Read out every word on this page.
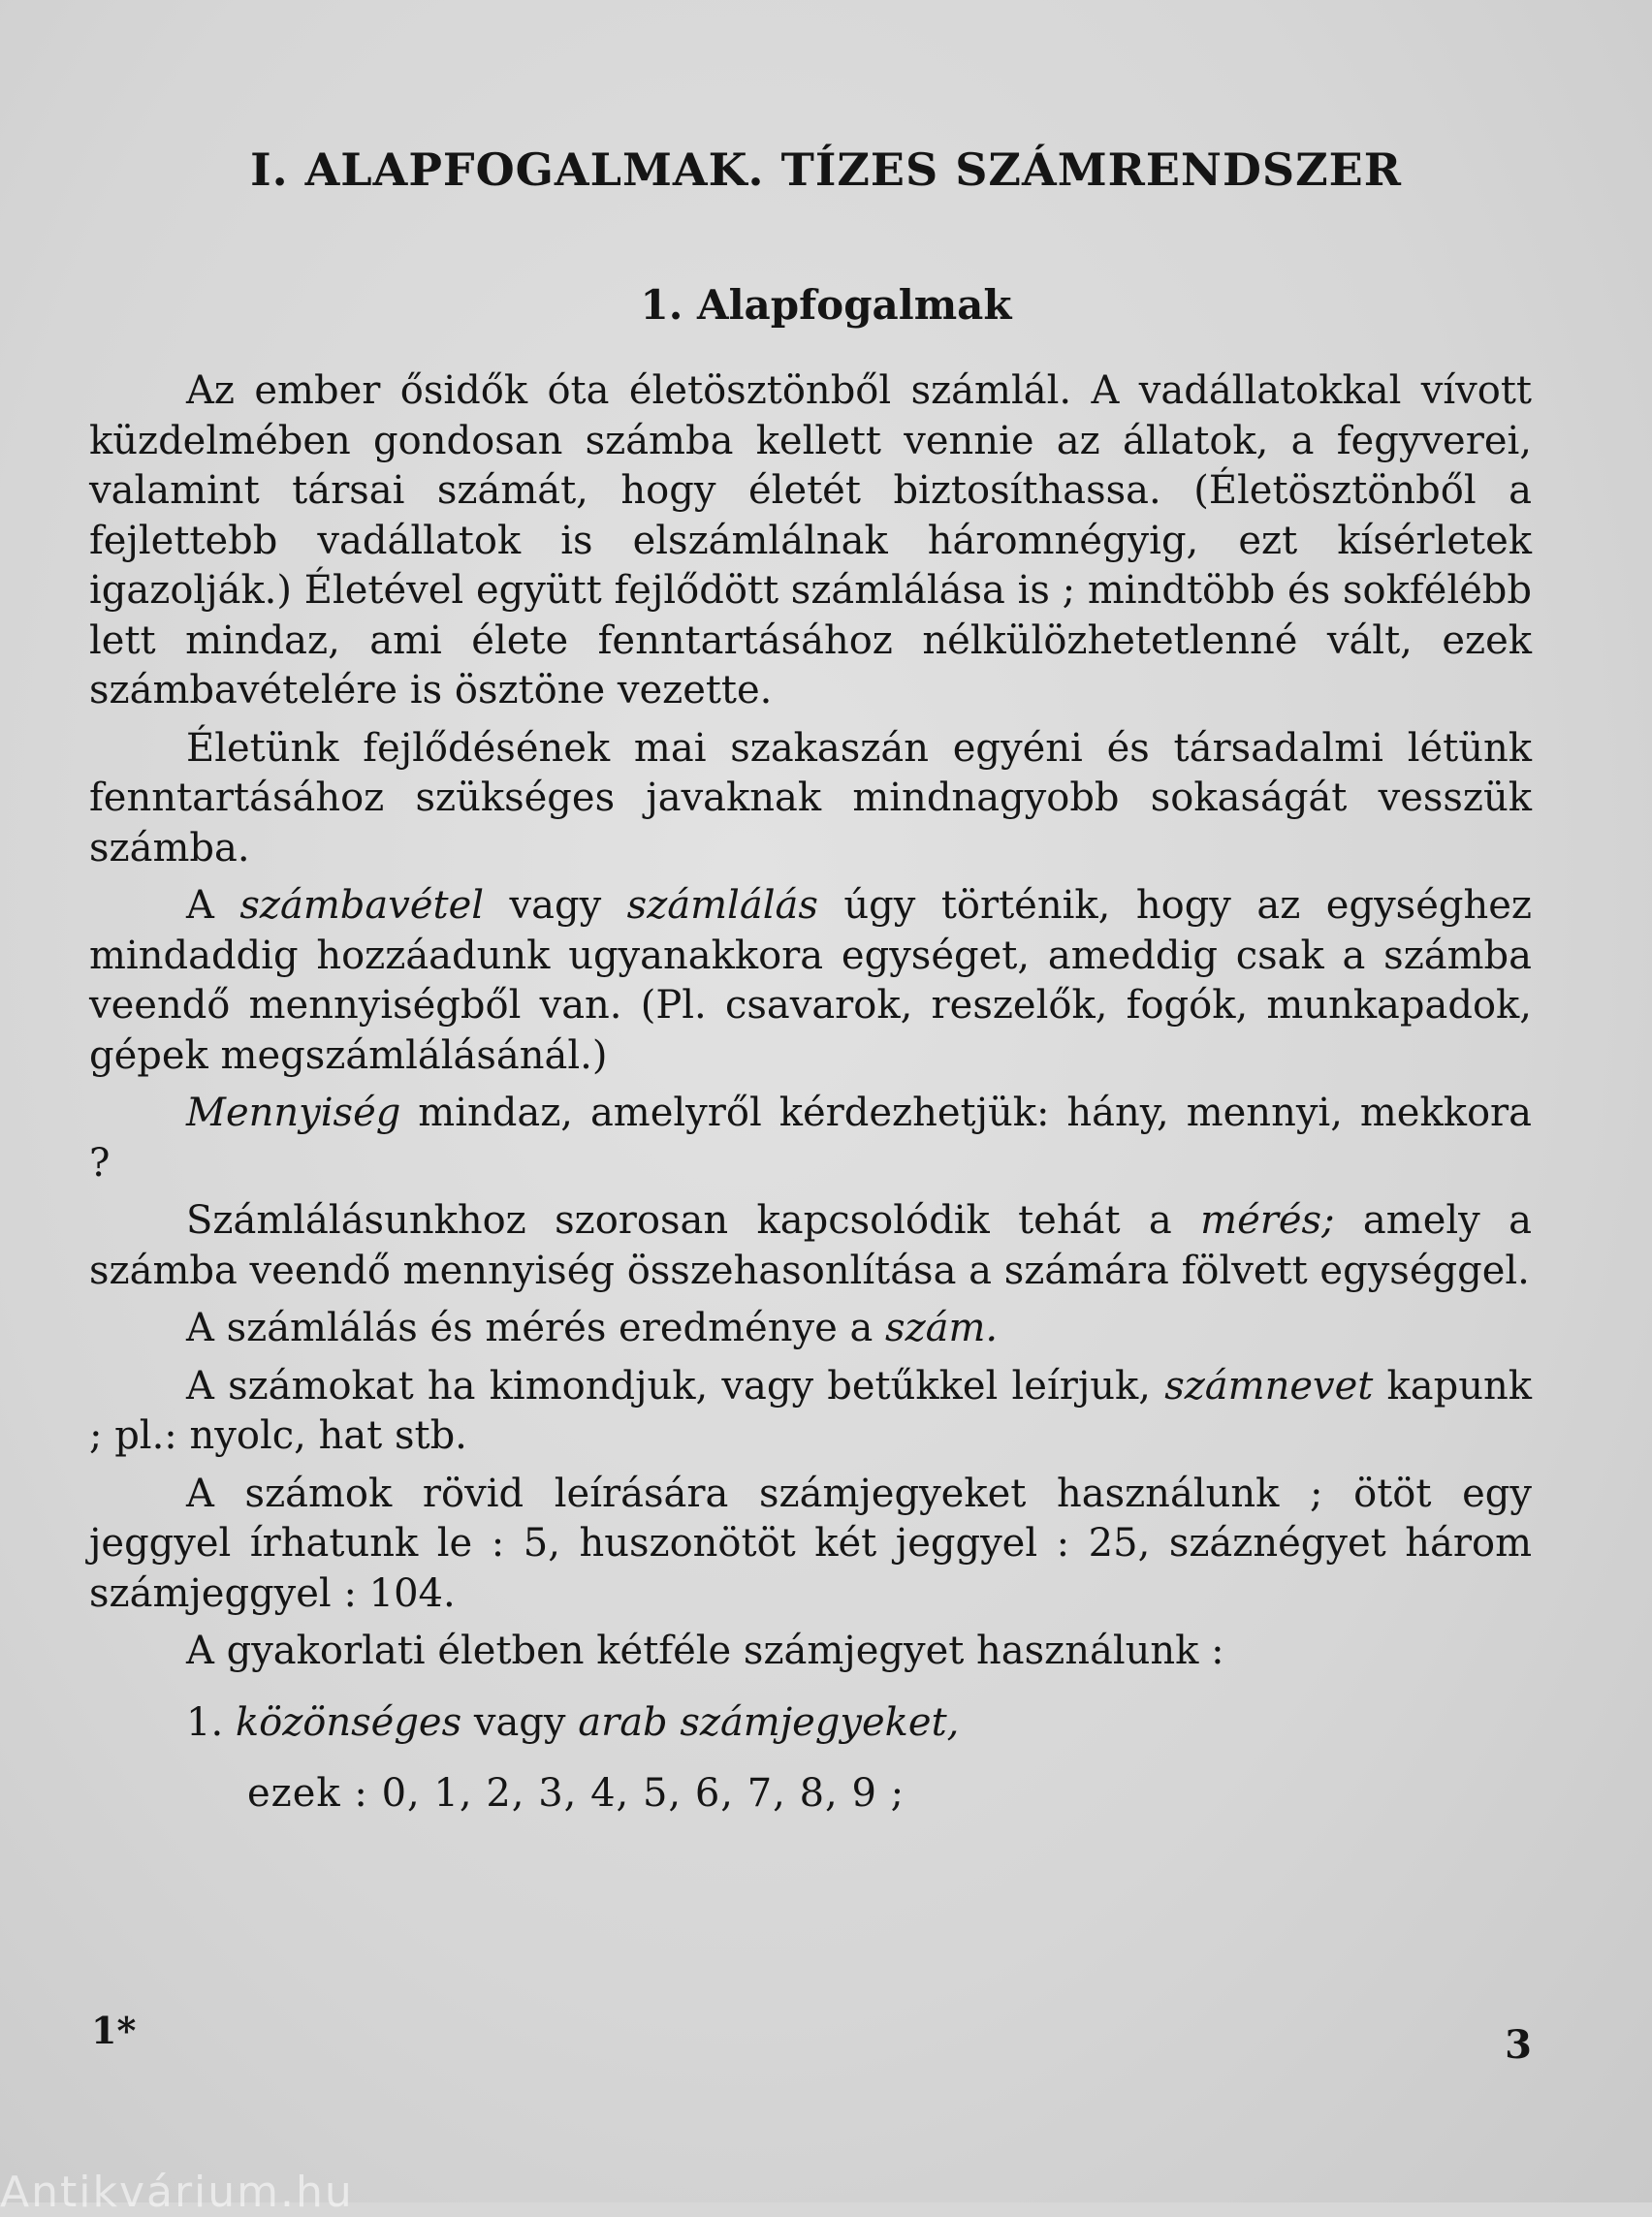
I. ALAPFOGALMAK. TÍZES SZÁMRENDSZER
1. Alapfogalmak

Az ember ősidők óta életösztönből számlál. A vadállatokkal vívott küzdelmében gondosan számba kellett vennie az állatok, a fegyverei, valamint társai számát, hogy életét biztosíthassa. (Életösztönből a fejlettebb vadállatok is elszámlálnak háromnégyig, ezt kísérletek igazolják.) Életével együtt fejlődött számlálása is ; mindtöbb és sokfélébb lett mindaz, ami élete fenntartásához nélkülözhetetlenné vált, ezek számbavételére is ösztöne vezette.

Életünk fejlődésének mai szakaszán egyéni és társadalmi létünk fenntartásához szükséges javaknak mindnagyobb sokaságát vesszük számba.

A számbavétel vagy számlálás úgy történik, hogy az egységhez mindaddig hozzáadunk ugyanakkora egységet, ameddig csak a számba veendő mennyiségből van. (Pl. csavarok, reszelők, fogók, munkapadok, gépek megszámlálásánál.)

Mennyiség mindaz, amelyről kérdezhetjük: hány, mennyi, mekkora ?

Számlálásunkhoz szorosan kapcsolódik tehát a mérés; amely a számba veendő mennyiség összehasonlítása a számára fölvett egységgel.

A számlálás és mérés eredménye a szám.

A számokat ha kimondjuk, vagy betűkkel leírjuk, számnevet kapunk ; pl.: nyolc, hat stb.

A számok rövid leírására számjegyeket használunk ; ötöt egy jeggyel írhatunk le : 5, huszonötöt két jeggyel : 25, száznégyet három számjeggyel : 104.

A gyakorlati életben kétféle számjegyet használunk :

1. közönséges vagy arab számjegyeket,
ezek : 0, 1, 2, 3, 4, 5, 6, 7, 8, 9 ;
1*	3
Antikvárium.hu
